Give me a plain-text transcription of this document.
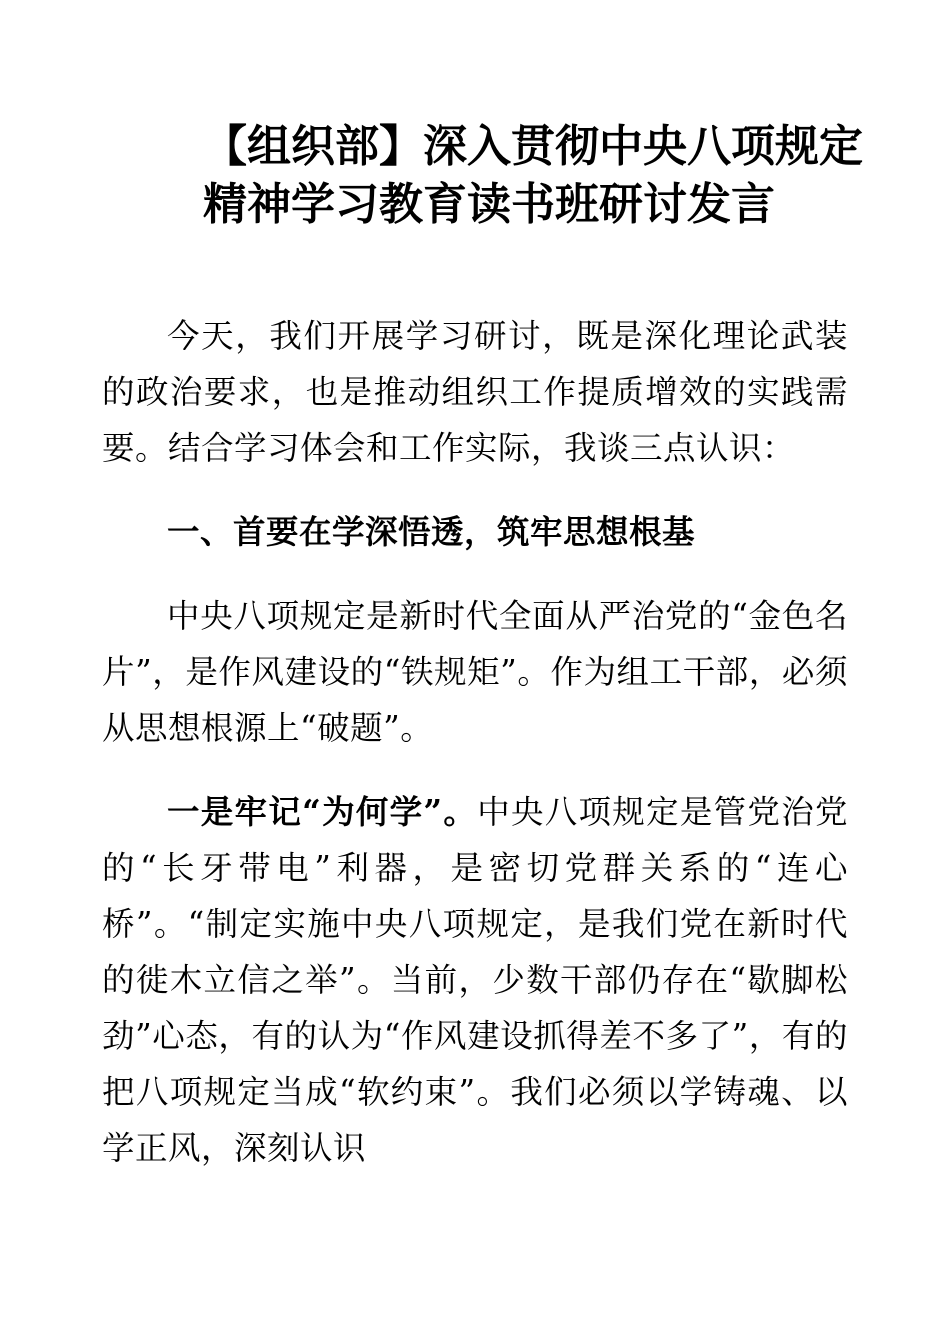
【组织部】深入贯彻中央八项规定
精神学习教育读书班研讨发言

今天，我们开展学习研讨，既是深化理论武装的政治要求，也是推动组织工作提质增效的实践需要。结合学习体会和工作实际，我谈三点认识：

一、首要在学深悟透，筑牢思想根基

中央八项规定是新时代全面从严治党的“金色名片”，是作风建设的“铁规矩”。作为组工干部，必须从思想根源上“破题”。

一是牢记“为何学”。中央八项规定是管党治党的“长牙带电”利器，是密切党群关系的“连心桥”。“制定实施中央八项规定，是我们党在新时代的徙木立信之举”。当前，少数干部仍存在“歇脚松劲”心态，有的认为“作风建设抓得差不多了”，有的把八项规定当成“软约束”。我们必须以学铸魂、以学正风，深刻认识
